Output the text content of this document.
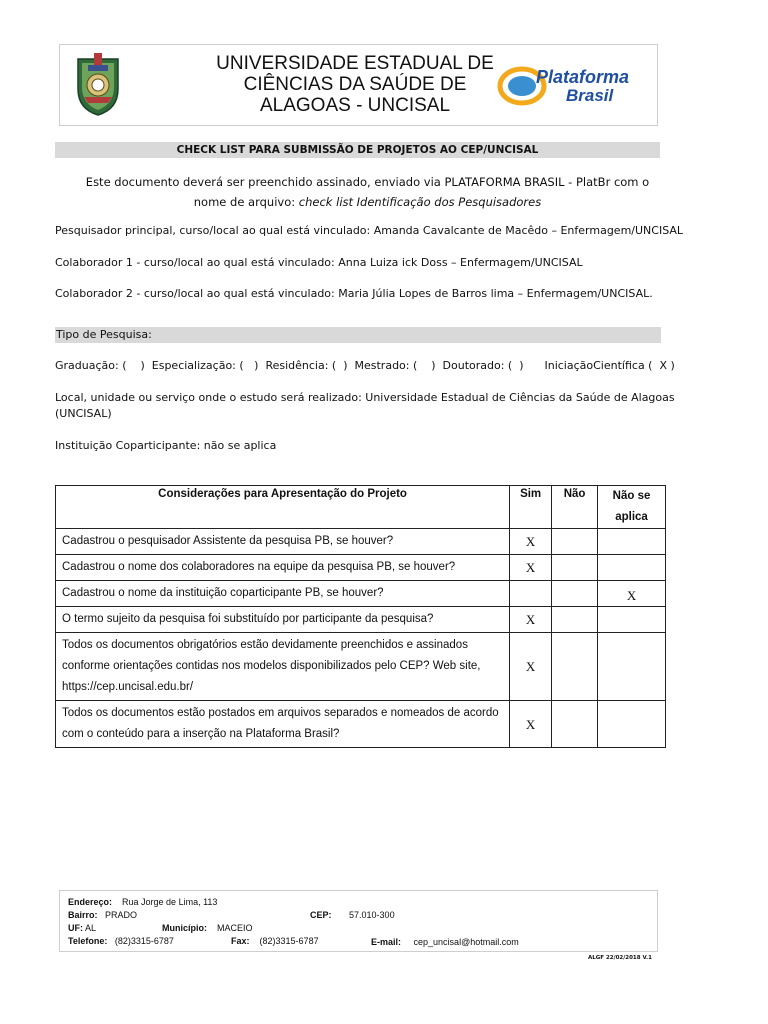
UNIVERSIDADE ESTADUAL DE
CIÊNCIAS DA SAÚDE DE
ALAGOAS - UNCISAL
Plataforma
Brasil
CHECK LIST PARA SUBMISSÃO DE PROJETOS AO CEP/UNCISAL
Este documento deverá ser preenchido assinado, enviado via PLATAFORMA BRASIL - PlatBr com o
nome de arquivo: check list Identificação dos Pesquisadores
Pesquisador principal, curso/local ao qual está vinculado: Amanda Cavalcante de Macêdo – Enfermagem/UNCISAL
Colaborador 1 - curso/local ao qual está vinculado: Anna Luiza ick Doss – Enfermagem/UNCISAL
Colaborador 2 - curso/local ao qual está vinculado: Maria Júlia Lopes de Barros lima – Enfermagem/UNCISAL.
Tipo de Pesquisa:
Graduação: (    )  Especialização: (   )  Residência: (  )  Mestrado: (    )  Doutorado: (  )      IniciaçãoCientífica (  X )
Local, unidade ou serviço onde o estudo será realizado: Universidade Estadual de Ciências da Saúde de Alagoas
(UNCISAL)
Instituição Coparticipante: não se aplica
Considerações para Apresentação do Projeto	Sim	Não	Não se aplica
Cadastrou o pesquisador Assistente da pesquisa PB, se houver?	X		
Cadastrou o nome dos colaboradores na equipe da pesquisa PB, se houver?	X		
Cadastrou o nome da instituição coparticipante PB, se houver?			X
O termo sujeito da pesquisa foi substituído por participante da pesquisa?	X		
Todos os documentos obrigatórios estão devidamente preenchidos e assinados conforme orientações contidas nos modelos disponibilizados pelo CEP? Web site, https://cep.uncisal.edu.br/	X		
Todos os documentos estão postados em arquivos separados e nomeados de acordo com o conteúdo para a inserção na Plataforma Brasil?	X		
Endereço: Rua Jorge de Lima, 113
Bairro: PRADO	CEP: 57.010-300
UF: AL	Município: MACEIO
Telefone: (82)3315-6787	Fax: (82)3315-6787	E-mail: cep_uncisal@hotmail.com
ALGF 22/02/2018 V.1
